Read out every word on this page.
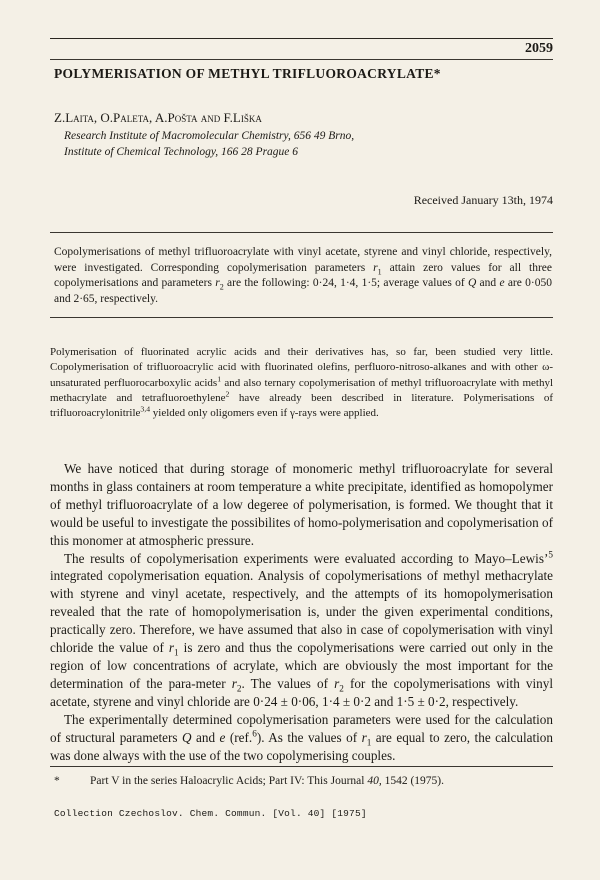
2059
POLYMERISATION OF METHYL TRIFLUOROACRYLATE*
Z.Laita, O.Paleta, A.Pošta and F.Liška
Research Institute of Macromolecular Chemistry, 656 49 Brno,
Institute of Chemical Technology, 166 28 Prague 6
Received January 13th, 1974
Copolymerisations of methyl trifluoroacrylate with vinyl acetate, styrene and vinyl chloride, respectively, were investigated. Corresponding copolymerisation parameters $r_1$ attain zero values for all three copolymerisations and parameters $r_2$ are the following: 0·24, 1·4, 1·5; average values of Q and e are 0·050 and 2·65, respectively.
Polymerisation of fluorinated acrylic acids and their derivatives has, so far, been studied very little. Copolymerisation of trifluoroacrylic acid with fluorinated olefins, perfluoro-nitroso-alkanes and with other ω-unsaturated perfluorocarboxylic acids$^1$ and also ternary copolymerisation of methyl trifluoroacrylate with methyl methacrylate and tetrafluoroethylene$^2$ have already been described in literature. Polymerisations of trifluoroacrylonitrile$^{3,4}$ yielded only oligomers even if γ-rays were applied.

We have noticed that during storage of monomeric methyl trifluoroacrylate for several months in glass containers at room temperature a white precipitate, identified as homopolymer of methyl trifluoroacrylate of a low degeree of polymerisation, is formed. We thought that it would be useful to investigate the possibilites of homo-polymerisation and copolymerisation of this monomer at atmospheric pressure.

The results of copolymerisation experiments were evaluated according to Mayo–Lewis’$^5$ integrated copolymerisation equation. Analysis of copolymerisations of methyl methacrylate with styrene and vinyl acetate, respectively, and the attempts of its homopolymerisation revealed that the rate of homopolymerisation is, under the given experimental conditions, practically zero. Therefore, we have assumed that also in case of copolymerisation with vinyl chloride the value of $r_1$ is zero and thus the copolymerisations were carried out only in the region of low concentrations of acrylate, which are obviously the most important for the determination of the para-meter $r_2$. The values of $r_2$ for the copolymerisations with vinyl acetate, styrene and vinyl chloride are 0·24 ± 0·06, 1·4 ± 0·2 and 1·5 ± 0·2, respectively.

The experimentally determined copolymerisation parameters were used for the calculation of structural parameters Q and e (ref.$^6$). As the values of $r_1$ are equal to zero, the calculation was done always with the use of the two copolymerising couples.

*	Part V in the series Haloacrylic Acids; Part IV: This Journal 40, 1542 (1975).
Collection Czechoslov. Chem. Commun. [Vol. 40] [1975]
